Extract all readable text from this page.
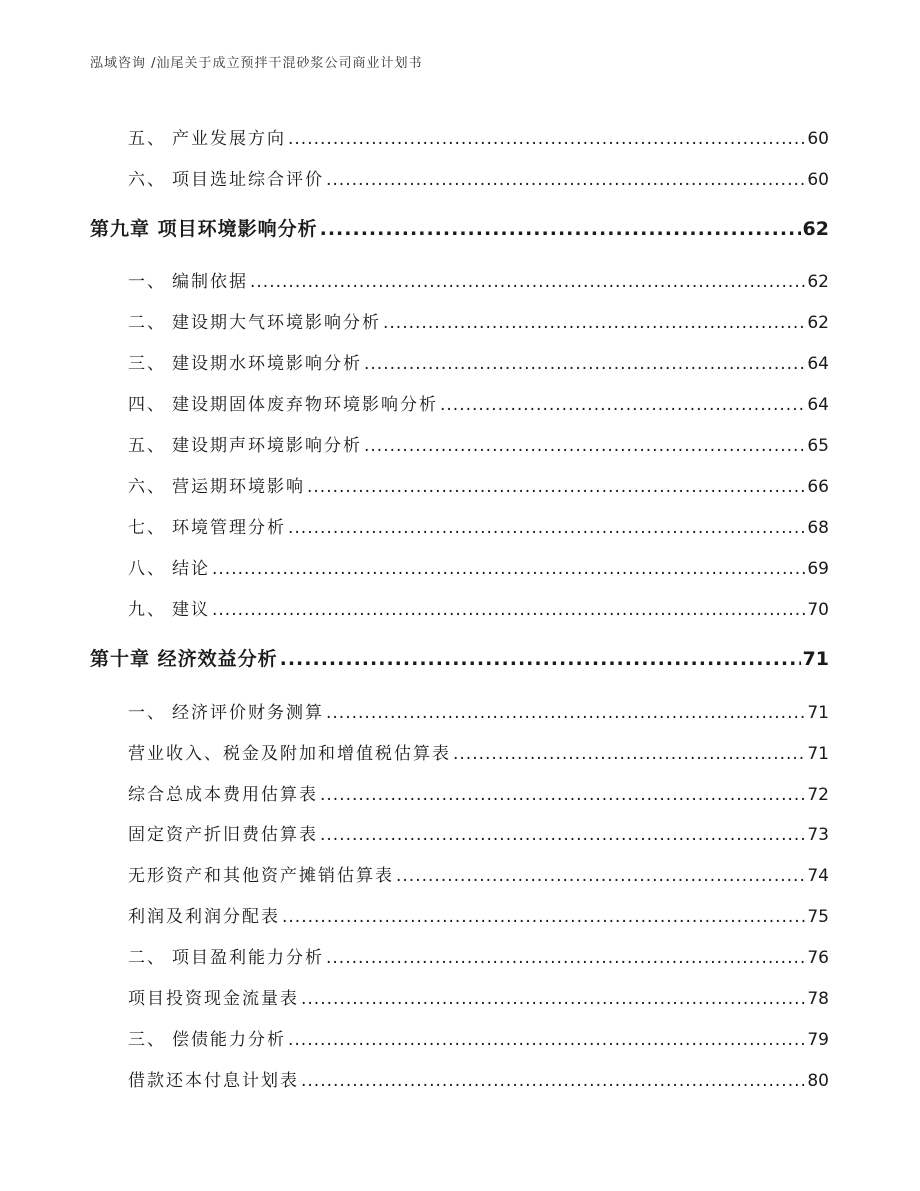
泓域咨询 /汕尾关于成立预拌干混砂浆公司商业计划书
五、 产业发展方向 .....	60
六、 项目选址综合评价 .....	60
第九章 项目环境影响分析 .....	62
一、 编制依据 .....	62
二、 建设期大气环境影响分析 .....	62
三、 建设期水环境影响分析 .....	64
四、 建设期固体废弃物环境影响分析 .....	64
五、 建设期声环境影响分析 .....	65
六、 营运期环境影响 .....	66
七、 环境管理分析 .....	68
八、 结论 .....	69
九、 建议 .....	70
第十章 经济效益分析 .....	71
一、 经济评价财务测算 .....	71
营业收入、税金及附加和增值税估算表 .....	71
综合总成本费用估算表 .....	72
固定资产折旧费估算表 .....	73
无形资产和其他资产摊销估算表 .....	74
利润及利润分配表 .....	75
二、 项目盈利能力分析 .....	76
项目投资现金流量表 .....	78
三、 偿债能力分析 .....	79
借款还本付息计划表 .....	80
